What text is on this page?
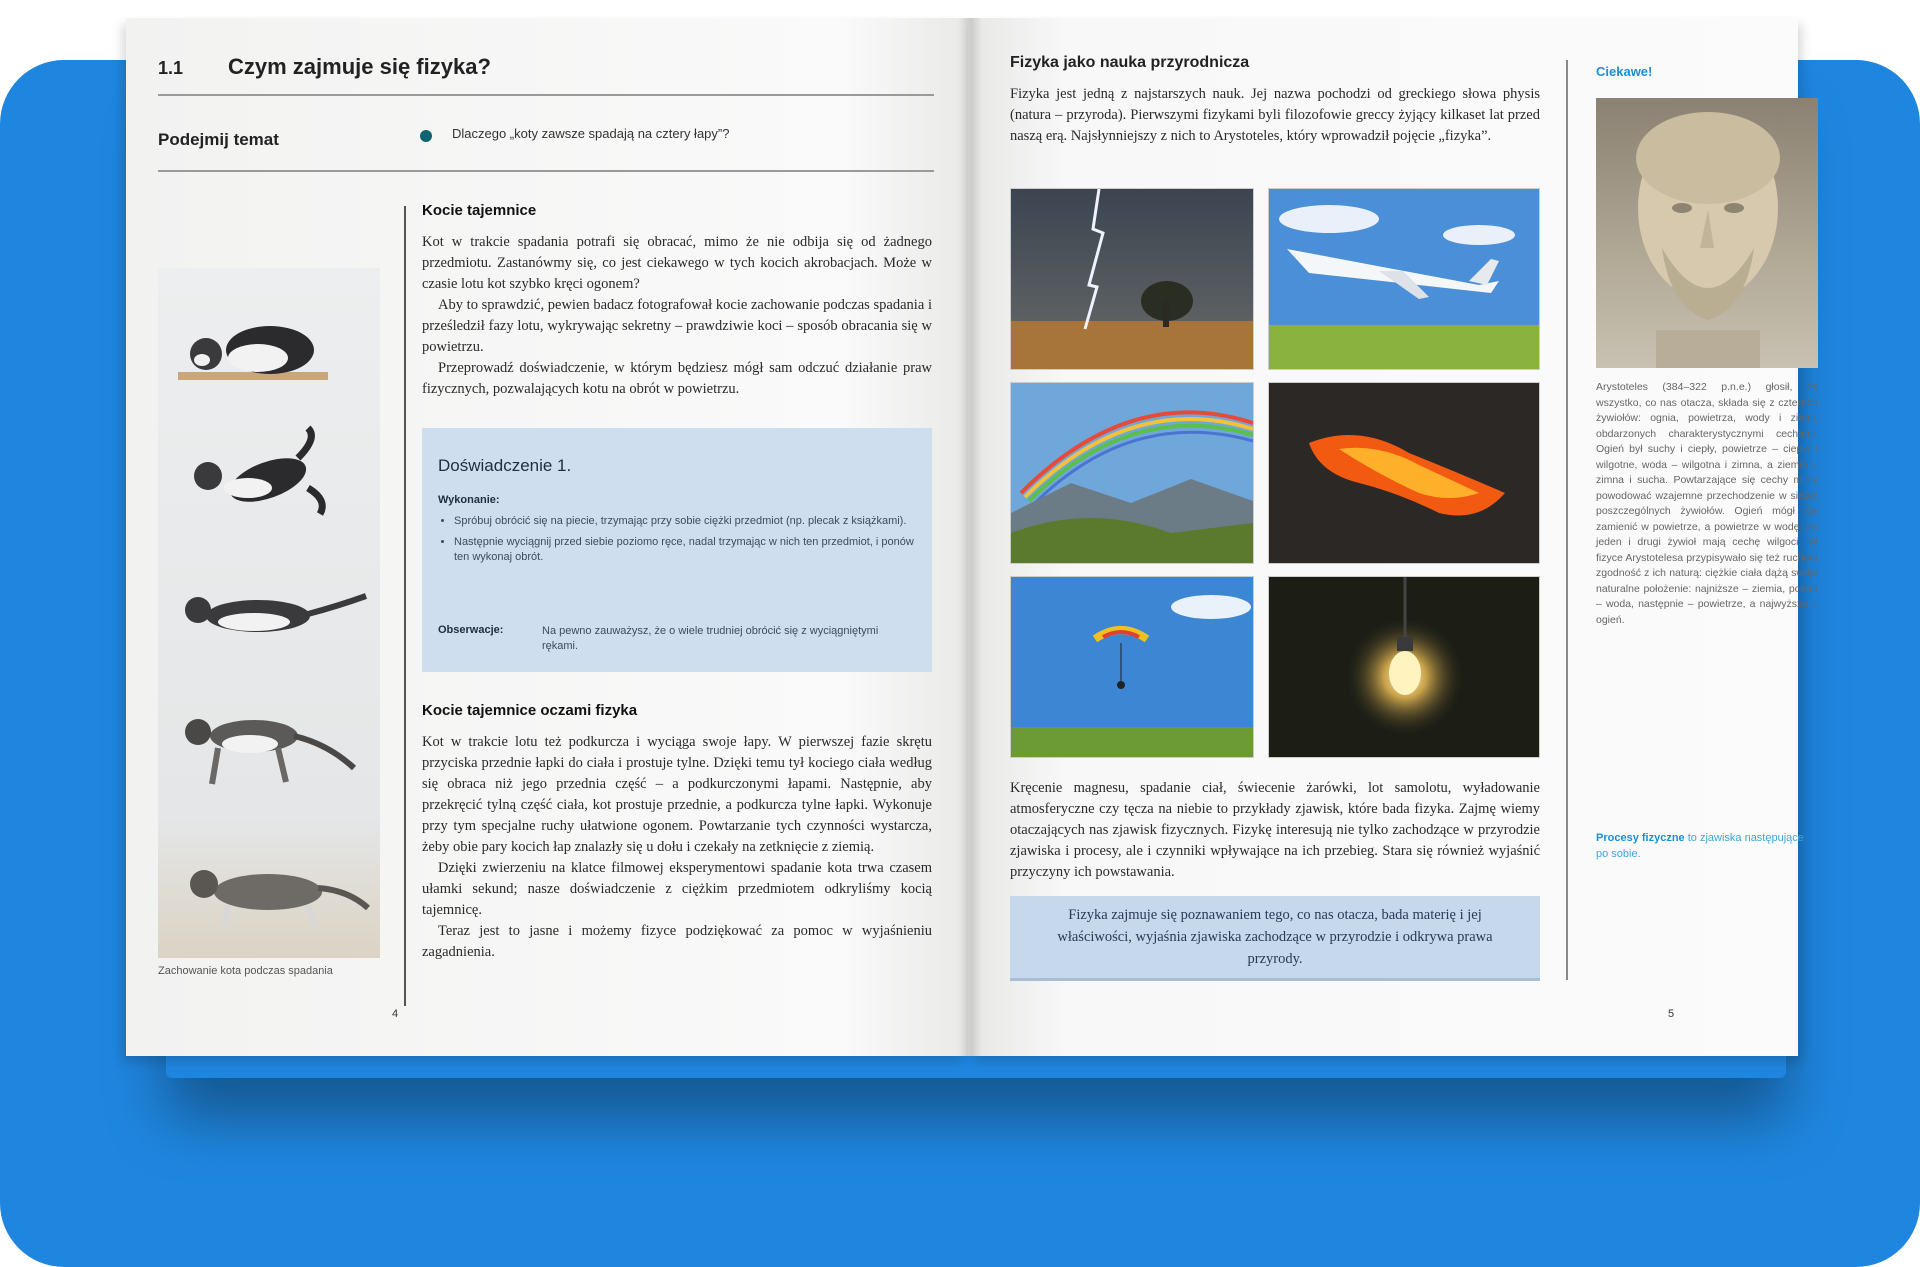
1.1 Czym zajmuje się fizyka?
Podejmij temat	Dlaczego „koty zawsze spadają na cztery łapy”?
Zachowanie kota podczas spadania
Kocie tajemnice

Kot w trakcie spadania potrafi się obracać, mimo że nie odbija się od żadnego przedmiotu. Zastanówmy się, co jest ciekawego w tych kocich akrobacjach. Może w czasie lotu kot szybko kręci ogonem?

Aby to sprawdzić, pewien badacz fotografował kocie zachowanie podczas spadania i prześledził fazy lotu, wykrywając sekretny – prawdziwie koci – sposób obracania się w powietrzu.

Przeprowadź doświadczenie, w którym będziesz mógł sam odczuć działanie praw fizycznych, pozwalających kotu na obrót w powietrzu.

Doświadczenie 1.
Wykonanie:
• Spróbuj obrócić się na piecie, trzymając przy sobie ciężki przedmiot (np. plecak z książkami).
• Następnie wyciągnij przed siebie poziomo ręce, nadal trzymając w nich ten przedmiot, i ponów ten wykonaj obrót.
Obserwacje:	Na pewno zauważysz, że o wiele trudniej obrócić się z wyciągniętymi rękami.
Kocie tajemnice oczami fizyka

Kot w trakcie lotu też podkurcza i wyciąga swoje łapy. W pierwszej fazie skrętu przyciska przednie łapki do ciała i prostuje tylne. Dzięki temu tył kociego ciała według się obraca niż jego przednia część – a podkurczonymi łapami. Następnie, aby przekręcić tylną część ciała, kot prostuje przednie, a podkurcza tylne łapki. Wykonuje przy tym specjalne ruchy ułatwione ogonem. Powtarzanie tych czynności wystarcza, żeby obie pary kocich łap znalazły się u dołu i czekały na zetknięcie z ziemią.

Dzięki zwierzeniu na klatce filmowej eksperymentowi spadanie kota trwa czasem ułamki sekund; nasze doświadczenie z ciężkim przedmiotem odkryliśmy kocią tajemnicę.

Teraz jest to jasne i możemy fizyce podziękować za pomoc w wyjaśnieniu zagadnienia.

4
Fizyka jako nauka przyrodnicza

Fizyka jest jedną z najstarszych nauk. Jej nazwa pochodzi od greckiego słowa physis (natura – przyroda). Pierwszymi fizykami byli filozofowie greccy żyjący kilkaset lat przed naszą erą. Najsłynniejszy z nich to Arystoteles, który wprowadził pojęcie „fizyka”.

Kręcenie magnesu, spadanie ciał, świecenie żarówki, lot samolotu, wyładowanie atmosferyczne czy tęcza na niebie to przykłady zjawisk, które bada fizyka. Zajmę wiemy otaczających nas zjawisk fizycznych. Fizykę interesują nie tylko zachodzące w przyrodzie zjawiska i procesy, ale i czynniki wpływające na ich przebieg. Stara się również wyjaśnić przyczyny ich powstawania.

Fizyka zajmuje się poznawaniem tego, co nas otacza, bada materię i jej właściwości, wyjaśnia zjawiska zachodzące w przyrodzie i odkrywa prawa przyrody.
Ciekawe!
Arystoteles (384–322 p.n.e.) głosił, że wszystko, co nas otacza, składa się z czterech żywiołów: ognia, powietrza, wody i ziemi, obdarzonych charakterystycznymi cechami. Ogień był suchy i ciepły, powietrze – ciepłe i wilgotne, woda – wilgotna i zimna, a ziemia – zimna i sucha. Powtarzające się cechy miały powodować wzajemne przechodzenie w siebie poszczególnych żywiołów. Ogień mógł się zamienić w powietrze, a powietrze w wodę, bo jeden i drugi żywioł mają cechę wilgoci. W fizyce Arystotelesa przypisywało się też ruchom zgodność z ich naturą: ciężkie ciała dążą swoje naturalne położenie: najniższe – ziemia, potem – woda, następnie – powietrze, a najwyższe – ogień.
Procesy fizyczne to zjawiska następujące po sobie.
5
